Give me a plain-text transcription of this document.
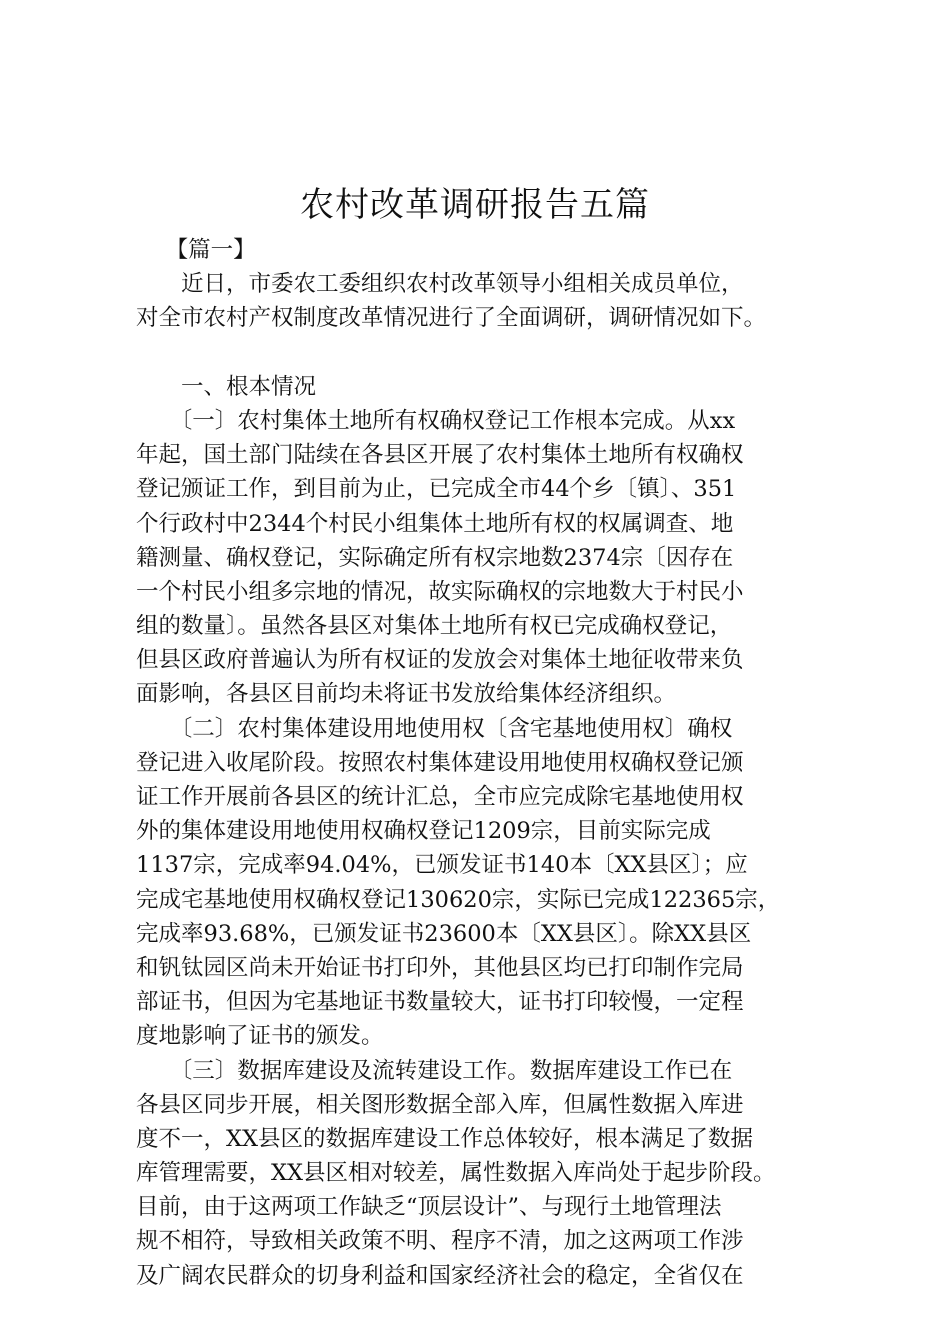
农村改革调研报告五篇
　 【篇一】
　　近日，市委农工委组织农村改革领导小组相关成员单位，
对全市农村产权制度改革情况进行了全面调研，调研情况如下。
　　一、根本情况
　　〔一〕农村集体土地所有权确权登记工作根本完成。从xx
年起，国土部门陆续在各县区开展了农村集体土地所有权确权
登记颁证工作，到目前为止，已完成全市44个乡〔镇〕、351
个行政村中2344个村民小组集体土地所有权的权属调查、地
籍测量、确权登记，实际确定所有权宗地数2374宗〔因存在
一个村民小组多宗地的情况，故实际确权的宗地数大于村民小
组的数量〕。虽然各县区对集体土地所有权已完成确权登记，
但县区政府普遍认为所有权证的发放会对集体土地征收带来负
面影响，各县区目前均未将证书发放给集体经济组织。
　　〔二〕农村集体建设用地使用权〔含宅基地使用权〕确权
登记进入收尾阶段。按照农村集体建设用地使用权确权登记颁
证工作开展前各县区的统计汇总，全市应完成除宅基地使用权
外的集体建设用地使用权确权登记1209宗，目前实际完成
1137宗，完成率94.04%，已颁发证书140本〔XX县区〕；应
完成宅基地使用权确权登记130620宗，实际已完成122365宗，
完成率93.68%，已颁发证书23600本〔XX县区〕。除XX县区
和钒钛园区尚未开始证书打印外，其他县区均已打印制作完局
部证书，但因为宅基地证书数量较大，证书打印较慢，一定程
度地影响了证书的颁发。
　　〔三〕数据库建设及流转建设工作。数据库建设工作已在
各县区同步开展，相关图形数据全部入库，但属性数据入库进
度不一，XX县区的数据库建设工作总体较好，根本满足了数据
库管理需要，XX县区相对较差，属性数据入库尚处于起步阶段。
目前，由于这两项工作缺乏“顶层设计”、与现行土地管理法
规不相符，导致相关政策不明、程序不清，加之这两项工作涉
及广阔农民群众的切身利益和国家经济社会的稳定，全省仅在
